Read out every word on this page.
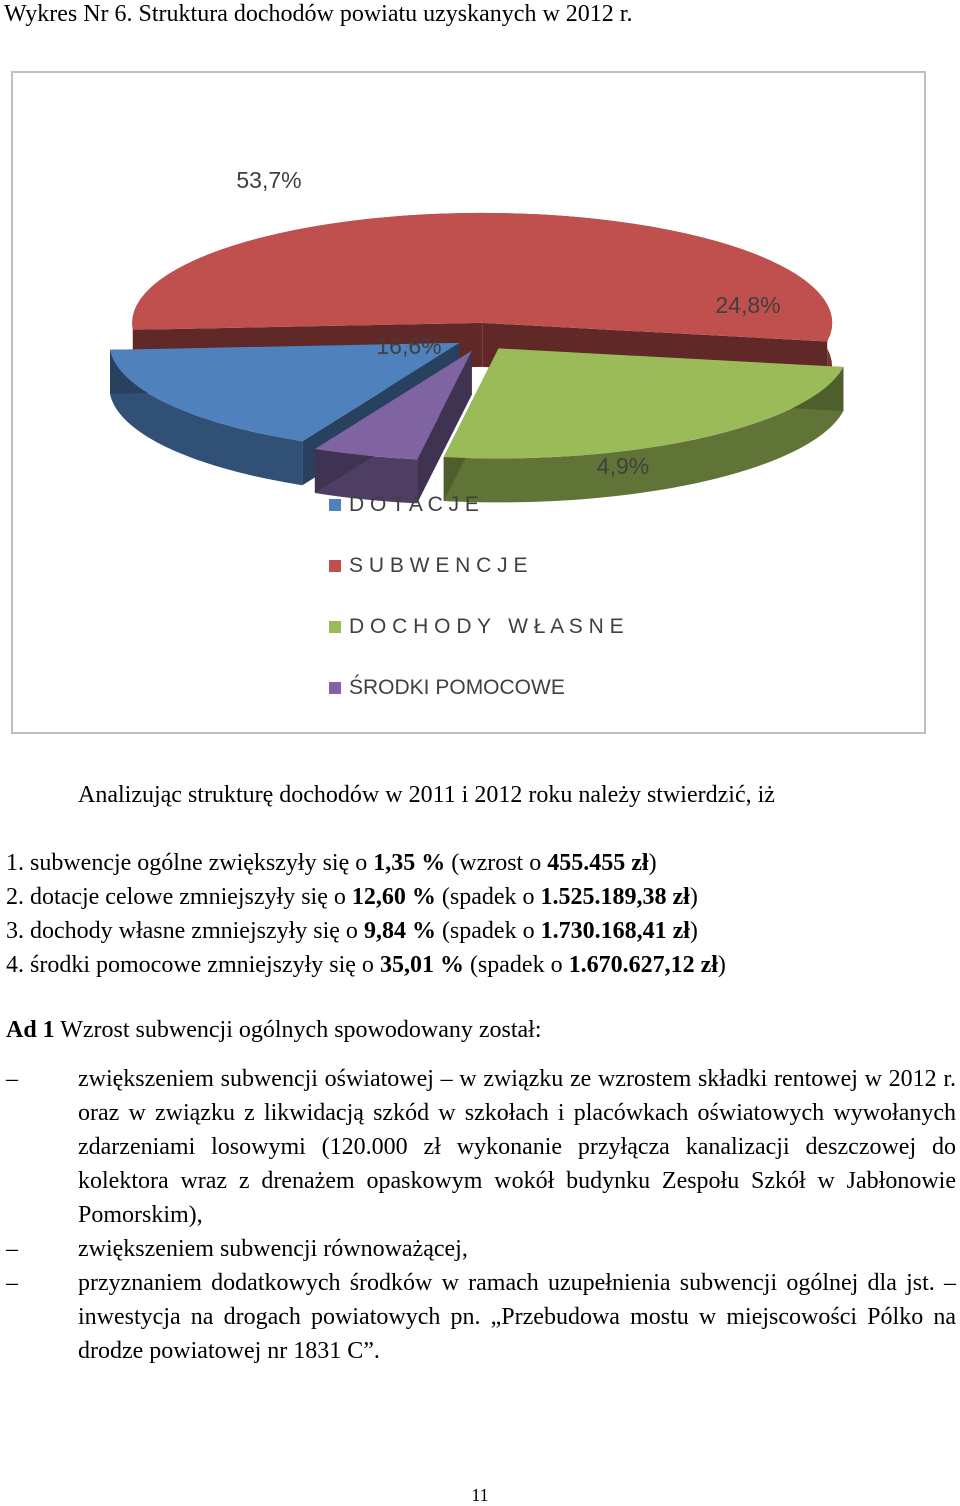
Wykres Nr 6. Struktura dochodów powiatu uzyskanych w 2012 r.
16,6%
53,7%
24,8%
4,9%
D O T A C J E
S U B W E N C J E
D O C H O D Y   W Ł A S N E
ŚRODKI POMOCOWE
Analizując strukturę dochodów w 2011 i 2012 roku należy stwierdzić, iż
1. subwencje ogólne zwiększyły się o 1,35 % (wzrost o 455.455 zł)
2. dotacje celowe zmniejszyły się o 12,60 % (spadek o 1.525.189,38 zł)
3. dochody własne zmniejszyły się o 9,84 % (spadek o 1.730.168,41 zł)
4. środki pomocowe zmniejszyły się o 35,01 % (spadek o 1.670.627,12 zł)
Ad 1 Wzrost subwencji ogólnych spowodowany został:
–	zwiększeniem subwencji oświatowej – w związku ze wzrostem składki rentowej w 2012 r. oraz w związku z likwidacją szkód w szkołach i placówkach oświatowych wywołanych zdarzeniami losowymi (120.000 zł wykonanie przyłącza kanalizacji deszczowej do kolektora wraz z drenażem opaskowym wokół budynku Zespołu Szkół w Jabłonowie Pomorskim),
–	zwiększeniem subwencji równoważącej,
–	przyznaniem dodatkowych środków w ramach uzupełnienia subwencji ogólnej dla jst. – inwestycja na drogach powiatowych pn. „Przebudowa mostu w miejscowości Pólko na drodze powiatowej nr 1831 C”.
11
